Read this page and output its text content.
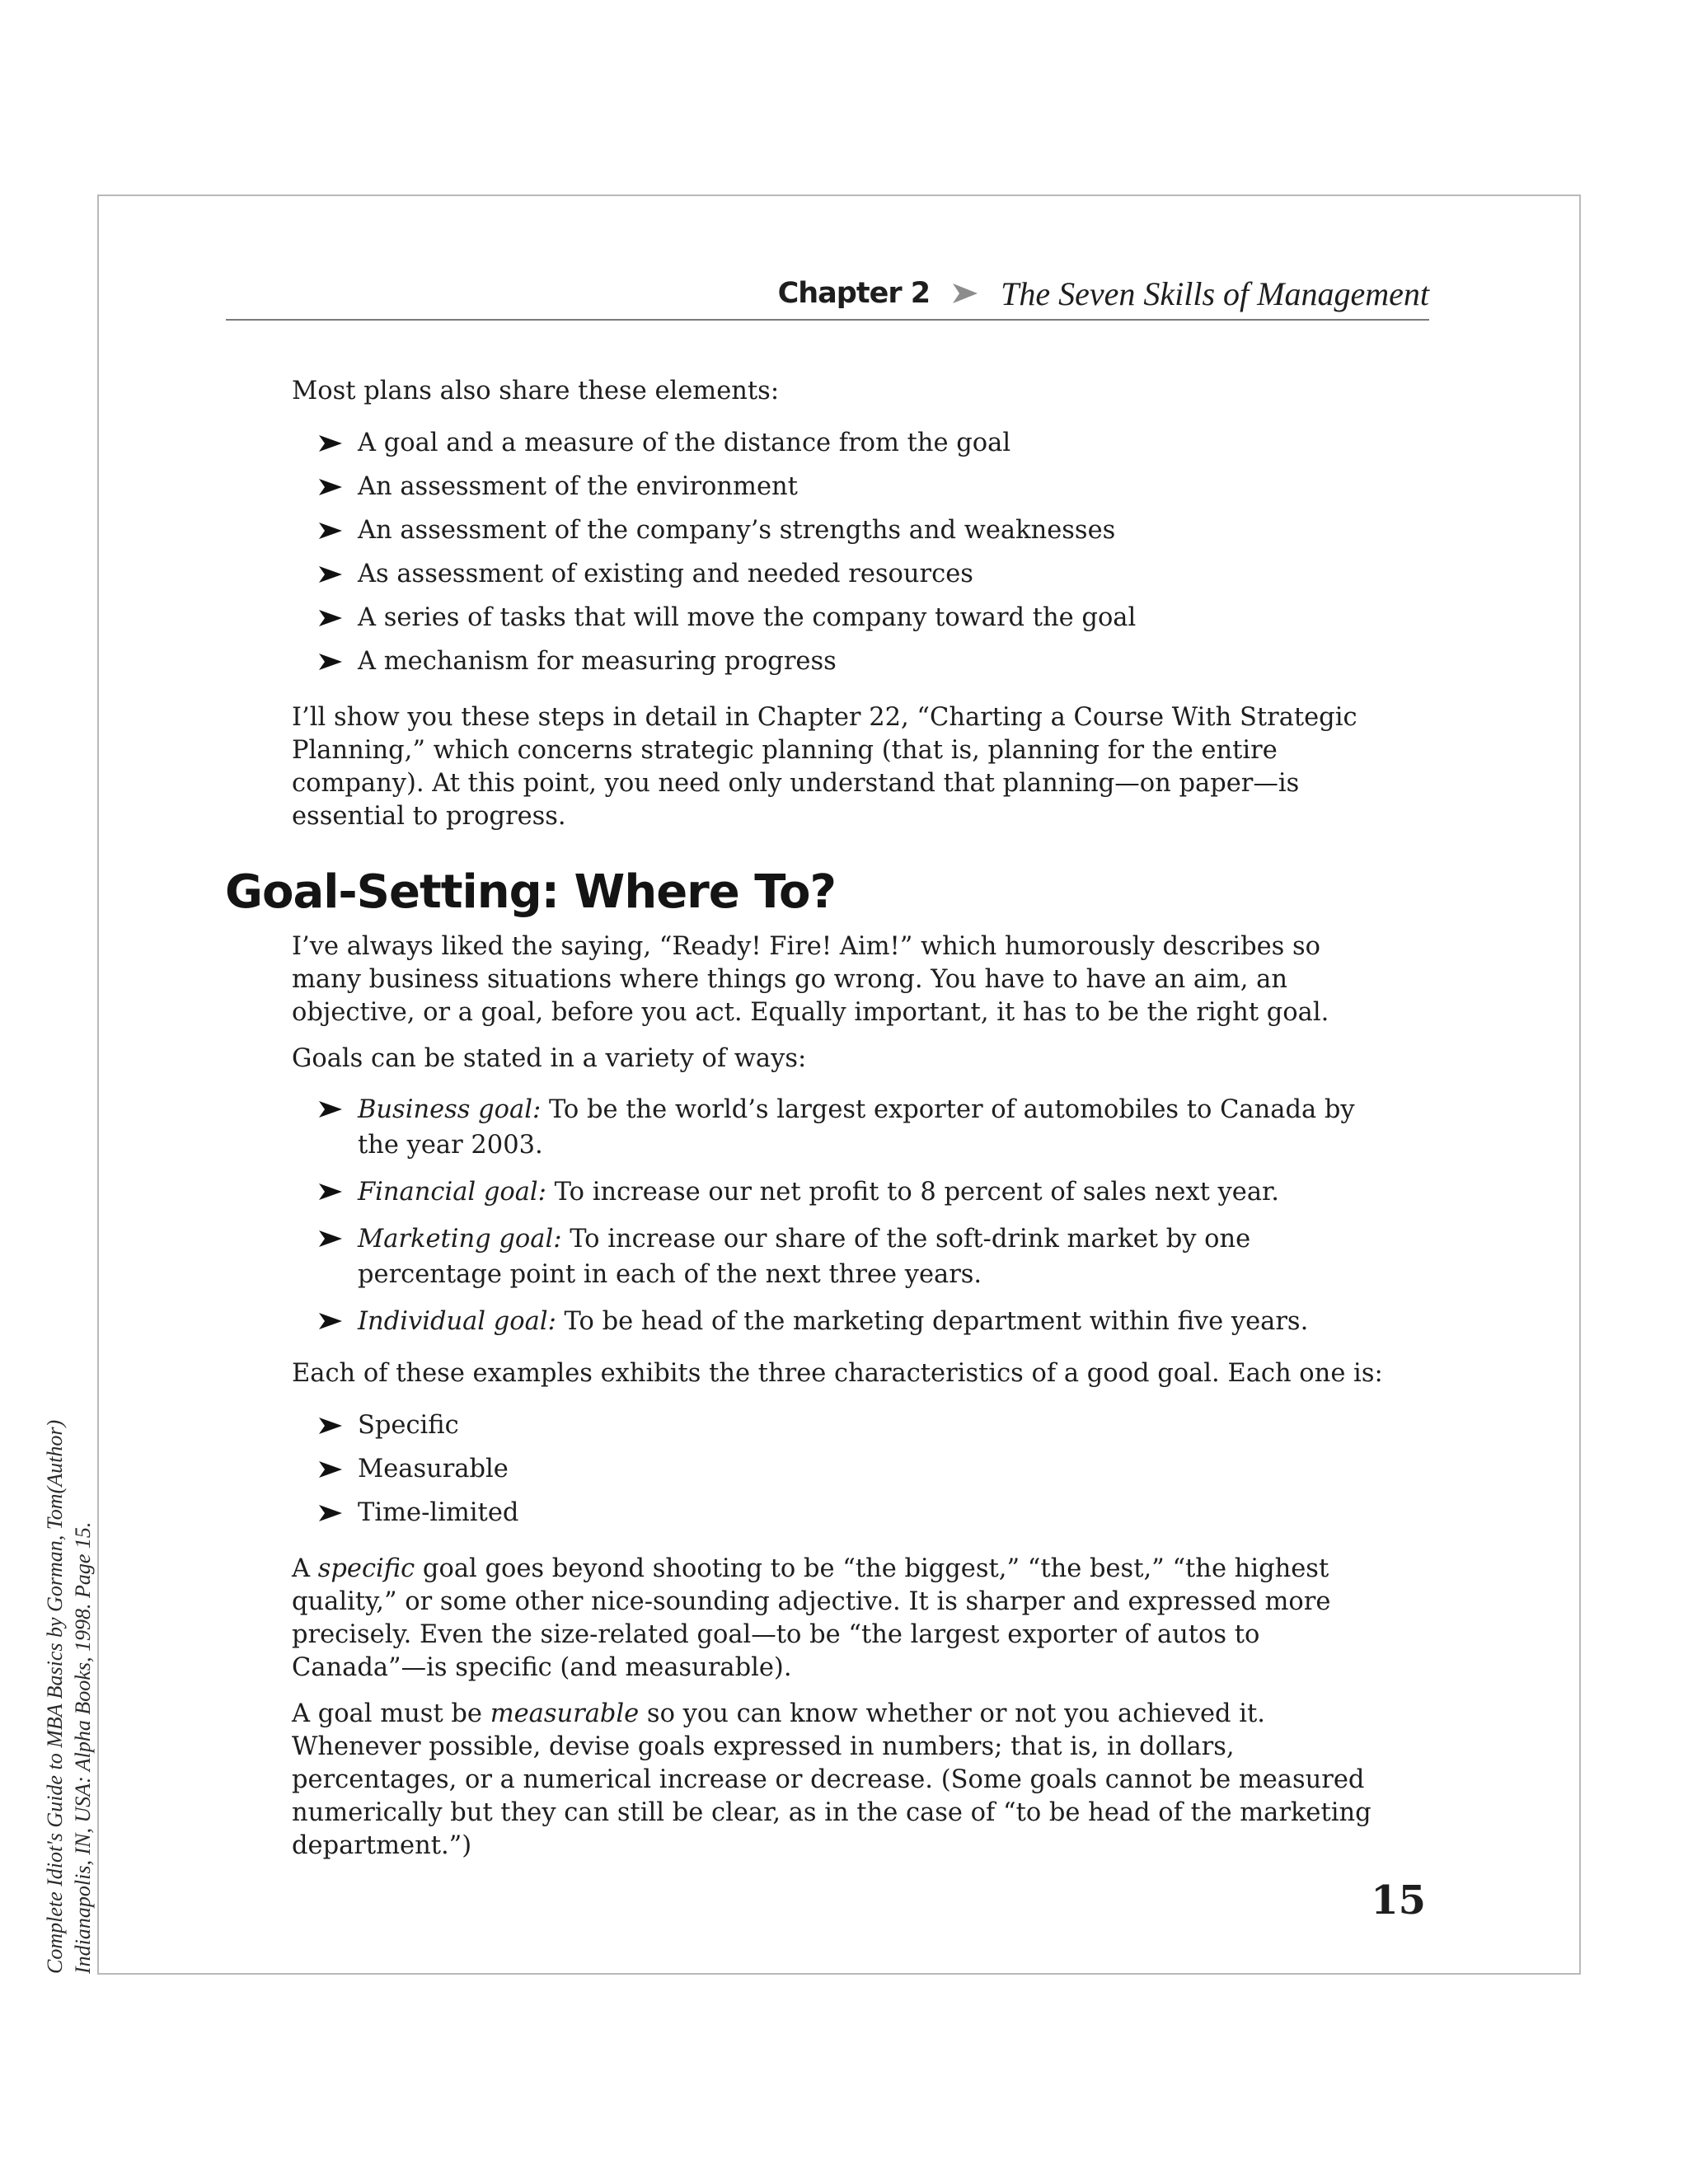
Chapter 2 The Seven Skills of Management

Most plans also share these elements:

A goal and a measure of the distance from the goal
An assessment of the environment
An assessment of the company’s strengths and weaknesses
As assessment of existing and needed resources
A series of tasks that will move the company toward the goal
A mechanism for measuring progress

I’ll show you these steps in detail in Chapter 22, “Charting a Course With Strategic Planning,” which concerns strategic planning (that is, planning for the entire company). At this point, you need only understand that planning—on paper—is essential to progress.

Goal-Setting: Where To?

I’ve always liked the saying, “Ready! Fire! Aim!” which humorously describes so many business situations where things go wrong. You have to have an aim, an objective, or a goal, before you act. Equally important, it has to be the right goal.

Goals can be stated in a variety of ways:

Business goal: To be the world’s largest exporter of automobiles to Canada by the year 2003.
Financial goal: To increase our net profit to 8 percent of sales next year.
Marketing goal: To increase our share of the soft-drink market by one percentage point in each of the next three years.
Individual goal: To be head of the marketing department within five years.

Each of these examples exhibits the three characteristics of a good goal. Each one is:

Specific
Measurable
Time-limited

A specific goal goes beyond shooting to be “the biggest,” “the best,” “the highest quality,” or some other nice-sounding adjective. It is sharper and expressed more precisely. Even the size-related goal—to be “the largest exporter of autos to Canada”—is specific (and measurable).

A goal must be measurable so you can know whether or not you achieved it. Whenever possible, devise goals expressed in numbers; that is, in dollars, percentages, or a numerical increase or decrease. (Some goals cannot be measured numerically but they can still be clear, as in the case of “to be head of the marketing department.”)

15
Complete Idiot's Guide to MBA Basics by Gorman, Tom(Author) Indianapolis, IN, USA: Alpha Books, 1998. Page 15.
